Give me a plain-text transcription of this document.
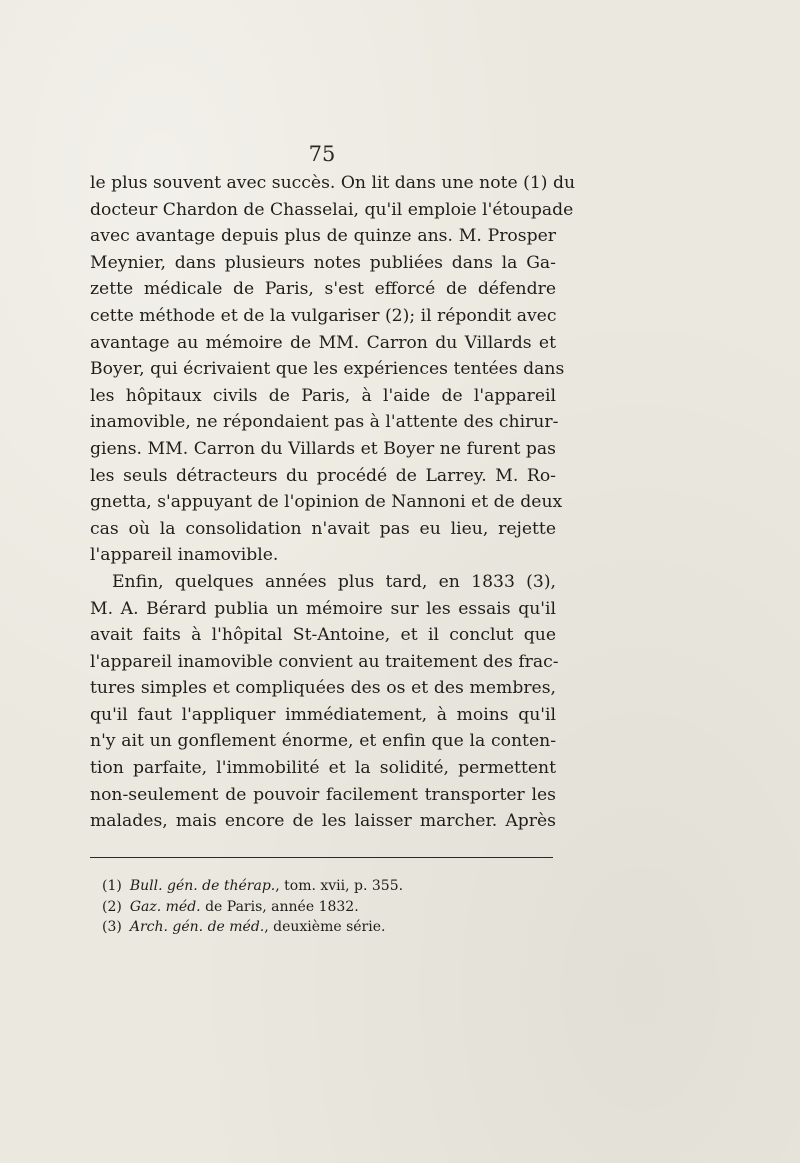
75
le plus souvent avec succès. On lit dans une note (1) du
docteur Chardon de Chasselai, qu'il emploie l'étoupade
avec avantage depuis plus de quinze ans. M. Prosper
Meynier, dans plusieurs notes publiées dans la Ga-
zette médicale de Paris, s'est efforcé de défendre
cette méthode et de la vulgariser (2); il répondit avec
avantage au mémoire de MM. Carron du Villards et
Boyer, qui écrivaient que les expériences tentées dans
les hôpitaux civils de Paris, à l'aide de l'appareil
inamovible, ne répondaient pas à l'attente des chirur-
giens. MM. Carron du Villards et Boyer ne furent pas
les seuls détracteurs du procédé de Larrey. M. Ro-
gnetta, s'appuyant de l'opinion de Nannoni et de deux
cas où la consolidation n'avait pas eu lieu, rejette
l'appareil inamovible.
Enfin, quelques années plus tard, en 1833 (3),
M. A. Bérard publia un mémoire sur les essais qu'il
avait faits à l'hôpital St-Antoine, et il conclut que
l'appareil inamovible convient au traitement des frac-
tures simples et compliquées des os et des membres,
qu'il faut l'appliquer immédiatement, à moins qu'il
n'y ait un gonflement énorme, et enfin que la conten-
tion parfaite, l'immobilité et la solidité, permettent
non-seulement de pouvoir facilement transporter les
malades, mais encore de les laisser marcher. Après
(1) Bull. gén. de thérap., tom. xvii, p. 355.
(2) Gaz. méd. de Paris, année 1832.
(3) Arch. gén. de méd., deuxième série.
